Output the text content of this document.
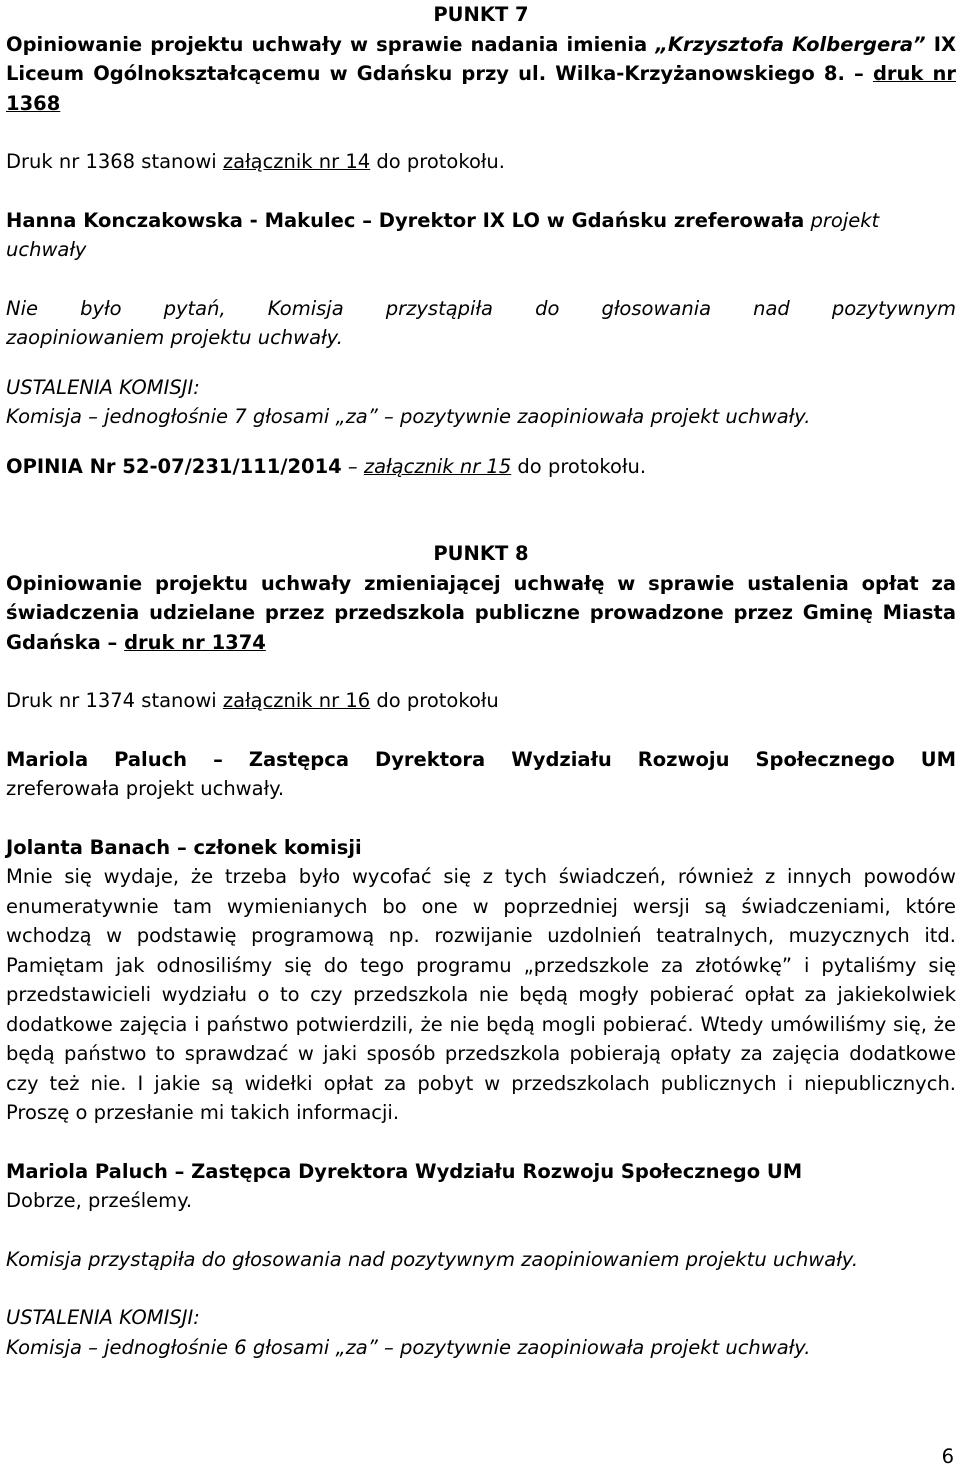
PUNKT 7

Opiniowanie projektu uchwały w sprawie nadania imienia „Krzysztofa Kolbergera” IX Liceum Ogólnokształcącemu w Gdańsku przy ul. Wilka-Krzyżanowskiego 8. – druk nr 1368

Druk nr 1368 stanowi załącznik nr 14 do protokołu.

Hanna Konczakowska - Makulec – Dyrektor IX LO w Gdańsku zreferowała projekt uchwały

Nie było pytań, Komisja przystąpiła do głosowania nad pozytywnym

zaopiniowaniem projektu uchwały.

USTALENIA KOMISJI:

Komisja – jednogłośnie 7 głosami „za” – pozytywnie zaopiniowała projekt uchwały.

OPINIA Nr 52-07/231/111/2014 – załącznik nr 15 do protokołu.

PUNKT 8

Opiniowanie projektu uchwały zmieniającej uchwałę w sprawie ustalenia opłat za świadczenia udzielane przez przedszkola publiczne prowadzone przez Gminę Miasta Gdańska – druk nr 1374

Druk nr 1374 stanowi załącznik nr 16 do protokołu

Mariola Paluch – Zastępca Dyrektora Wydziału Rozwoju Społecznego UM

zreferowała projekt uchwały.

Jolanta Banach – członek komisji

Mnie się wydaje, że trzeba było wycofać się z tych świadczeń, również z innych powodów enumeratywnie tam wymienianych bo one w poprzedniej wersji są świadczeniami, które wchodzą w podstawię programową np. rozwijanie uzdolnień teatralnych, muzycznych itd. Pamiętam jak odnosiliśmy się do tego programu „przedszkole za złotówkę” i pytaliśmy się przedstawicieli wydziału o to czy przedszkola nie będą mogły pobierać opłat za jakiekolwiek dodatkowe zajęcia i państwo potwierdzili, że nie będą mogli pobierać. Wtedy umówiliśmy się, że będą państwo to sprawdzać w jaki sposób przedszkola pobierają opłaty za zajęcia dodatkowe czy też nie. I jakie są widełki opłat za pobyt w przedszkolach publicznych i niepublicznych. Proszę o przesłanie mi takich informacji.

Mariola Paluch – Zastępca Dyrektora Wydziału Rozwoju Społecznego UM

Dobrze, prześlemy.

Komisja przystąpiła do głosowania nad pozytywnym zaopiniowaniem projektu uchwały.

USTALENIA KOMISJI:

Komisja – jednogłośnie 6 głosami „za” – pozytywnie zaopiniowała projekt uchwały.

6
